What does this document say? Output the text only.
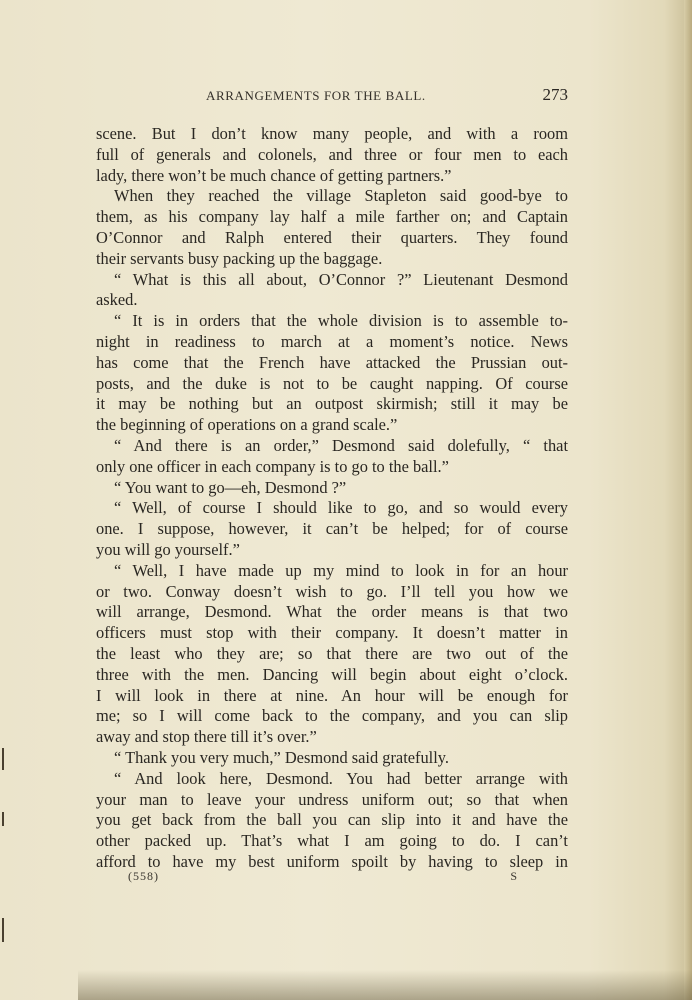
ARRANGEMENTS FOR THE BALL.	273
scene. But I don’t know many people, and with a room
full of generals and colonels, and three or four men to each
lady, there won’t be much chance of getting partners.”
When they reached the village Stapleton said good-bye to
them, as his company lay half a mile farther on; and Captain
O’Connor and Ralph entered their quarters. They found
their servants busy packing up the baggage.
“ What is this all about, O’Connor ?” Lieutenant Desmond
asked.
“ It is in orders that the whole division is to assemble to-
night in readiness to march at a moment’s notice. News
has come that the French have attacked the Prussian out-
posts, and the duke is not to be caught napping. Of course
it may be nothing but an outpost skirmish; still it may be
the beginning of operations on a grand scale.”
“ And there is an order,” Desmond said dolefully, “ that
only one officer in each company is to go to the ball.”
“ You want to go—eh, Desmond ?”
“ Well, of course I should like to go, and so would every
one. I suppose, however, it can’t be helped; for of course
you will go yourself.”
“ Well, I have made up my mind to look in for an hour
or two. Conway doesn’t wish to go. I’ll tell you how we
will arrange, Desmond. What the order means is that two
officers must stop with their company. It doesn’t matter in
the least who they are; so that there are two out of the
three with the men. Dancing will begin about eight o’clock.
I will look in there at nine. An hour will be enough for
me; so I will come back to the company, and you can slip
away and stop there till it’s over.”
“ Thank you very much,” Desmond said gratefully.
“ And look here, Desmond. You had better arrange with
your man to leave your undress uniform out; so that when
you get back from the ball you can slip into it and have the
other packed up. That’s what I am going to do. I can’t
afford to have my best uniform spoilt by having to sleep in
(558)	S
